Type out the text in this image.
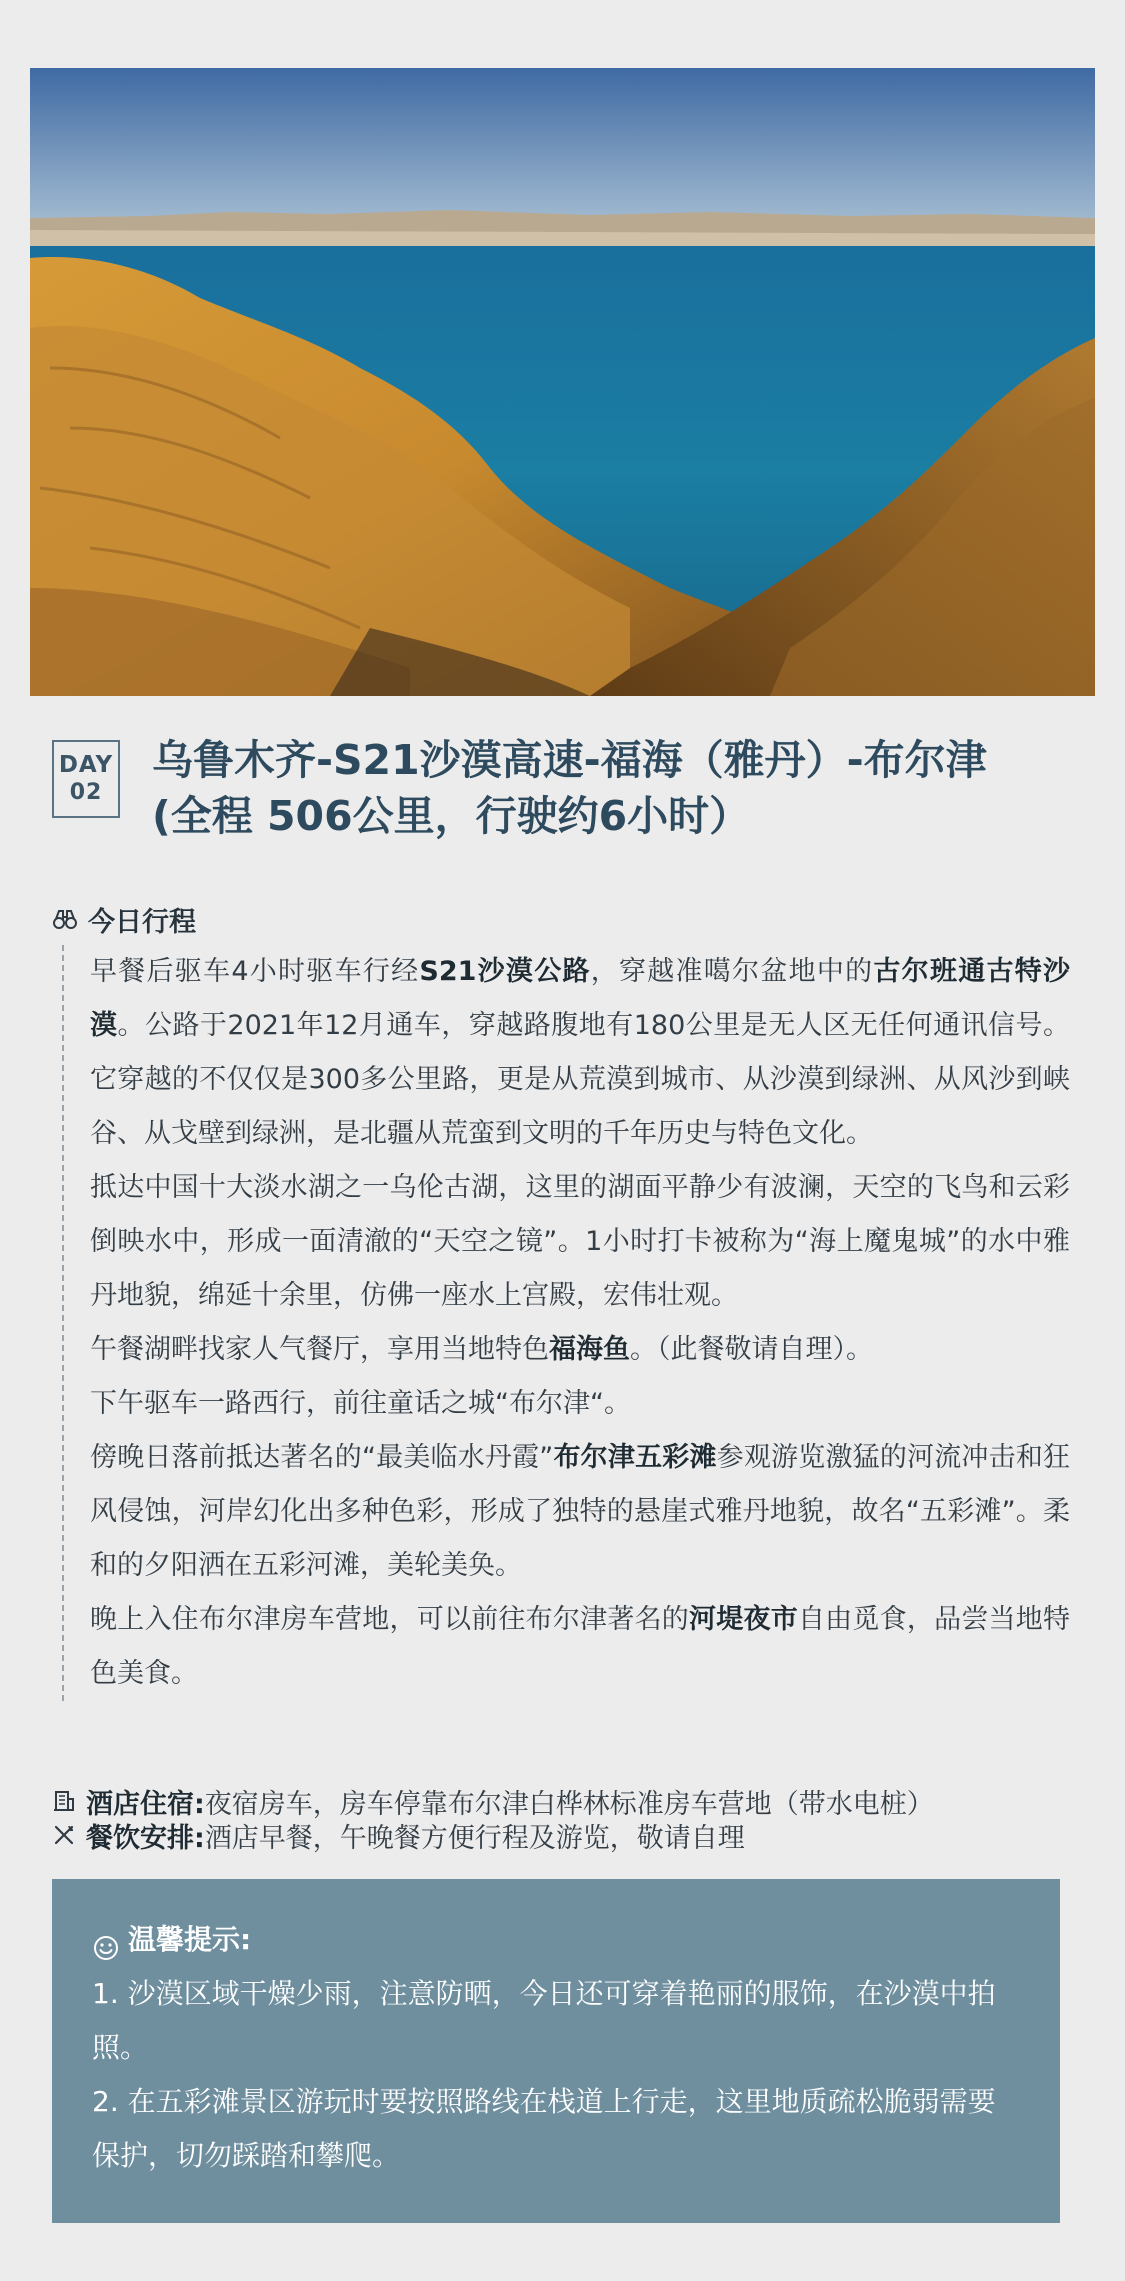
DAY
02
乌鲁木齐-S21沙漠高速-福海（雅丹）-布尔津
(全程 506公里，行驶约6小时）
今日行程

早餐后驱车4小时驱车行经S21沙漠公路，穿越准噶尔盆地中的古尔班通古特沙漠。公路于2021年12月通车，穿越路腹地有180公里是无人区无任何通讯信号。它穿越的不仅仅是300多公里路，更是从荒漠到城市、从沙漠到绿洲、从风沙到峡谷、从戈壁到绿洲，是北疆从荒蛮到文明的千年历史与特色文化。

抵达中国十大淡水湖之一乌伦古湖，这里的湖面平静少有波澜，天空的飞鸟和云彩倒映水中，形成一面清澈的“天空之镜”。1小时打卡被称为“海上魔鬼城”的水中雅丹地貌，绵延十余里，仿佛一座水上宫殿，宏伟壮观。

午餐湖畔找家人气餐厅，享用当地特色福海鱼。（此餐敬请自理）。

下午驱车一路西行，前往童话之城“布尔津“。

傍晚日落前抵达著名的“最美临水丹霞”布尔津五彩滩参观游览激猛的河流冲击和狂风侵蚀，河岸幻化出多种色彩，形成了独特的悬崖式雅丹地貌，故名“五彩滩”。柔和的夕阳洒在五彩河滩，美轮美奂。

晚上入住布尔津房车营地，可以前往布尔津著名的河堤夜市自由觅食，品尝当地特色美食。

酒店住宿: 夜宿房车，房车停靠布尔津白桦林标准房车营地（带水电桩）
餐饮安排: 酒店早餐，午晚餐方便行程及游览，敬请自理
温馨提示:

1. 沙漠区域干燥少雨，注意防晒，今日还可穿着艳丽的服饰，在沙漠中拍照。

2. 在五彩滩景区游玩时要按照路线在栈道上行走，这里地质疏松脆弱需要保护，切勿踩踏和攀爬。
